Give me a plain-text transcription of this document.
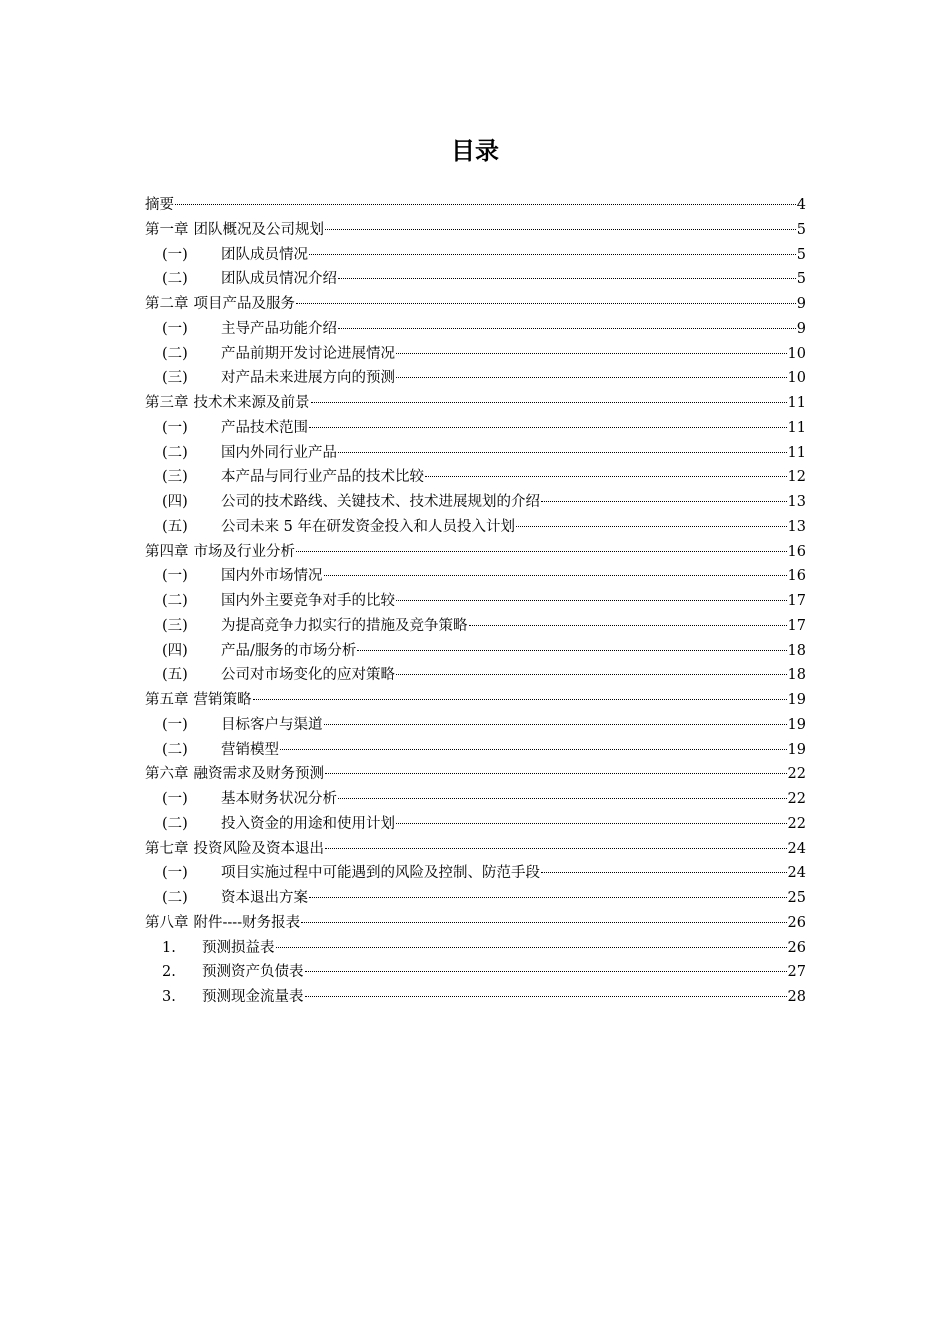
目录
摘要	4
第一章 团队概况及公司规划	5
(一)	团队成员情况	5
(二)	团队成员情况介绍	5
第二章 项目产品及服务	9
(一)	主导产品功能介绍	9
(二)	产品前期开发讨论进展情况	10
(三)	对产品未来进展方向的预测	10
第三章 技术术来源及前景	11
(一)	产品技术范围	11
(二)	国内外同行业产品	11
(三)	本产品与同行业产品的技术比较	12
(四)	公司的技术路线、关键技术、技术进展规划的介绍	13
(五)	公司未来 5 年在研发资金投入和人员投入计划	13
第四章 市场及行业分析	16
(一)	国内外市场情况	16
(二)	国内外主要竞争对手的比较	17
(三)	为提高竞争力拟实行的措施及竞争策略	17
(四)	产品/服务的市场分析	18
(五)	公司对市场变化的应对策略	18
第五章 营销策略	19
(一)	目标客户与渠道	19
(二)	营销模型	19
第六章 融资需求及财务预测	22
(一)	基本财务状况分析	22
(二)	投入资金的用途和使用计划	22
第七章 投资风险及资本退出	24
(一)	项目实施过程中可能遇到的风险及控制、防范手段	24
(二)	资本退出方案	25
第八章 附件----财务报表	26
1.	预测损益表	26
2.	预测资产负债表	27
3.	预测现金流量表	28
